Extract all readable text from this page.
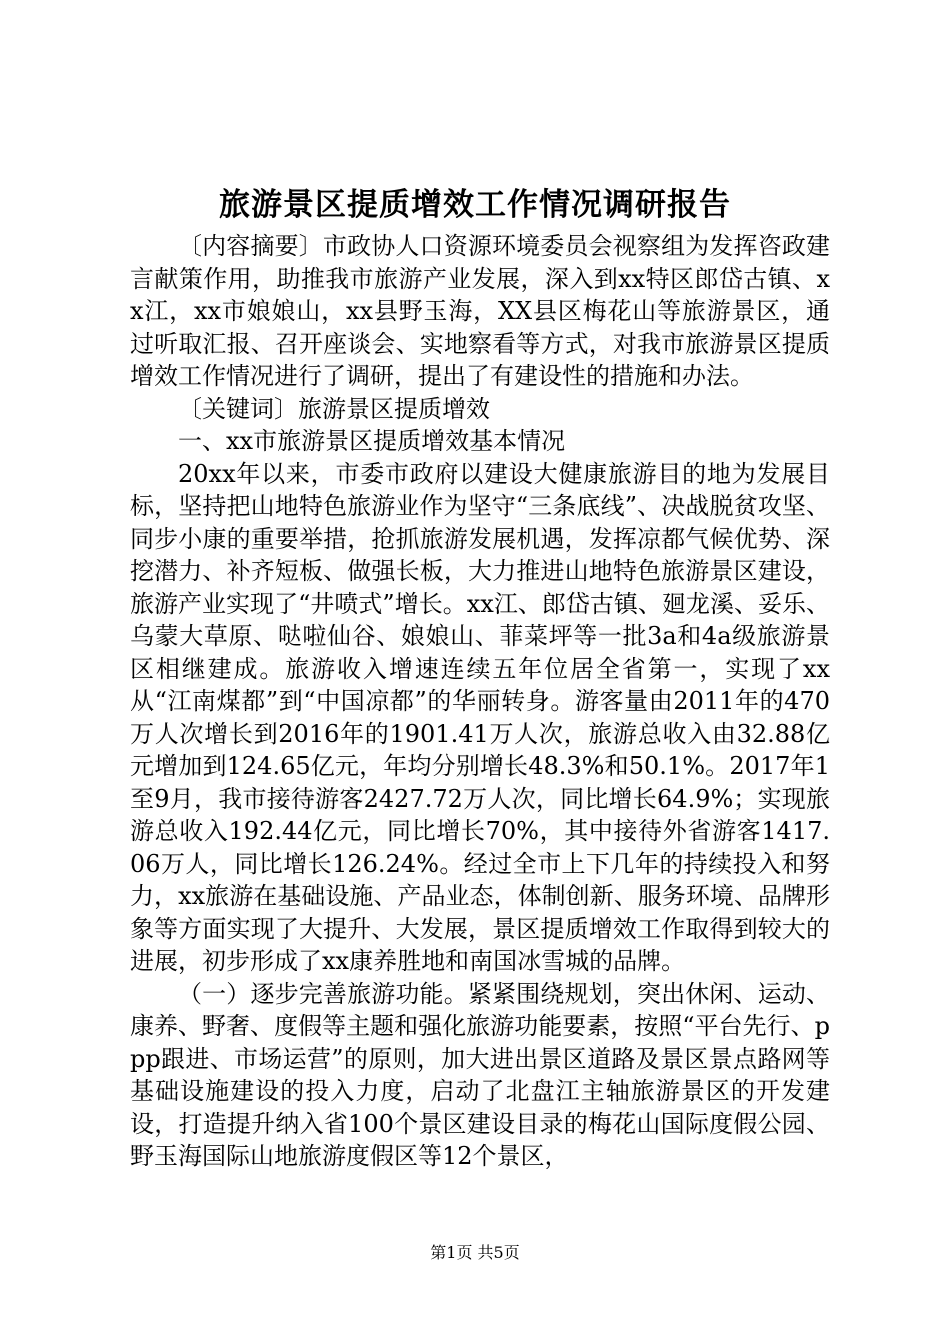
旅游景区提质增效工作情况调研报告

〔内容摘要〕市政协人口资源环境委员会视察组为发挥咨政建言献策作用，助推我市旅游产业发展，深入到xx特区郎岱古镇、xx江，xx市娘娘山，xx县野玉海，XX县区梅花山等旅游景区，通过听取汇报、召开座谈会、实地察看等方式，对我市旅游景区提质增效工作情况进行了调研，提出了有建设性的措施和办法。

〔关键词〕旅游景区提质增效

一、xx市旅游景区提质增效基本情况

20xx年以来，市委市政府以建设大健康旅游目的地为发展目标，坚持把山地特色旅游业作为坚守“三条底线”、决战脱贫攻坚、同步小康的重要举措，抢抓旅游发展机遇，发挥凉都气候优势、深挖潜力、补齐短板、做强长板，大力推进山地特色旅游景区建设，旅游产业实现了“井喷式”增长。xx江、郎岱古镇、廻龙溪、妥乐、乌蒙大草原、哒啦仙谷、娘娘山、菲菜坪等一批3a和4a级旅游景区相继建成。旅游收入增速连续五年位居全省第一，实现了xx从“江南煤都”到“中国凉都”的华丽转身。游客量由2011年的470万人次增长到2016年的1901.41万人次，旅游总收入由32.88亿元增加到124.65亿元，年均分别增长48.3%和50.1%。2017年1至9月，我市接待游客2427.72万人次，同比增长64.9%；实现旅游总收入192.44亿元，同比增长70%，其中接待外省游客1417.06万人，同比增长126.24%。经过全市上下几年的持续投入和努力，xx旅游在基础设施、产品业态，体制创新、服务环境、品牌形象等方面实现了大提升、大发展，景区提质增效工作取得到较大的进展，初步形成了xx康养胜地和南国冰雪城的品牌。

（一）逐步完善旅游功能。紧紧围绕规划，突出休闲、运动、康养、野奢、度假等主题和强化旅游功能要素，按照“平台先行、ppp跟进、市场运营”的原则，加大进出景区道路及景区景点路网等基础设施建设的投入力度，启动了北盘江主轴旅游景区的开发建设，打造提升纳入省100个景区建设目录的梅花山国际度假公园、野玉海国际山地旅游度假区等12个景区，

第1页 共5页
